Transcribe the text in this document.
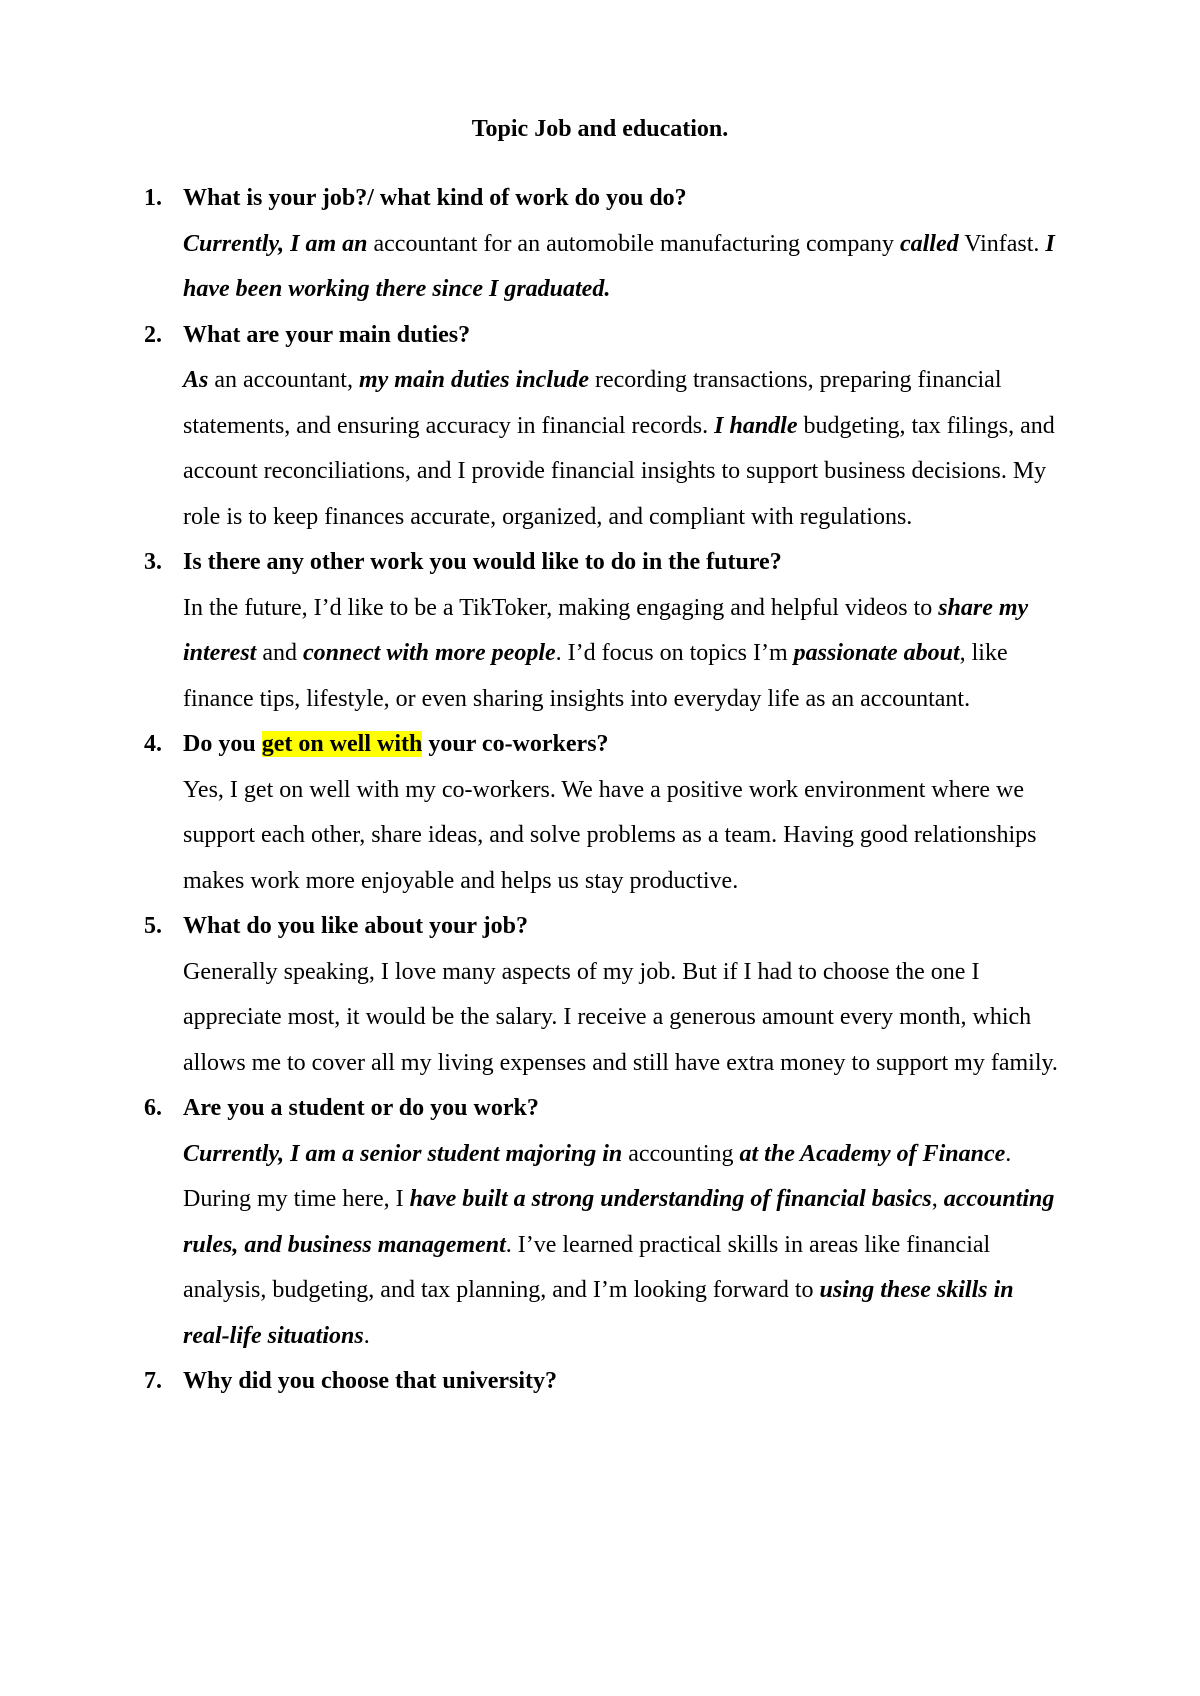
Topic Job and education.
1. What is your job?/ what kind of work do you do?
Currently, I am an accountant for an automobile manufacturing company called Vinfast. I have been working there since I graduated.
2. What are your main duties?
As an accountant, my main duties include recording transactions, preparing financial statements, and ensuring accuracy in financial records. I handle budgeting, tax filings, and account reconciliations, and I provide financial insights to support business decisions. My role is to keep finances accurate, organized, and compliant with regulations.
3. Is there any other work you would like to do in the future?
In the future, I’d like to be a TikToker, making engaging and helpful videos to share my interest and connect with more people. I’d focus on topics I’m passionate about, like finance tips, lifestyle, or even sharing insights into everyday life as an accountant.
4. Do you get on well with your co-workers?
Yes, I get on well with my co-workers. We have a positive work environment where we support each other, share ideas, and solve problems as a team. Having good relationships makes work more enjoyable and helps us stay productive.
5. What do you like about your job?
Generally speaking, I love many aspects of my job. But if I had to choose the one I appreciate most, it would be the salary. I receive a generous amount every month, which allows me to cover all my living expenses and still have extra money to support my family.
6. Are you a student or do you work?
Currently, I am a senior student majoring in accounting at the Academy of Finance. During my time here, I have built a strong understanding of financial basics, accounting rules, and business management. I’ve learned practical skills in areas like financial analysis, budgeting, and tax planning, and I’m looking forward to using these skills in real-life situations.
7. Why did you choose that university?
